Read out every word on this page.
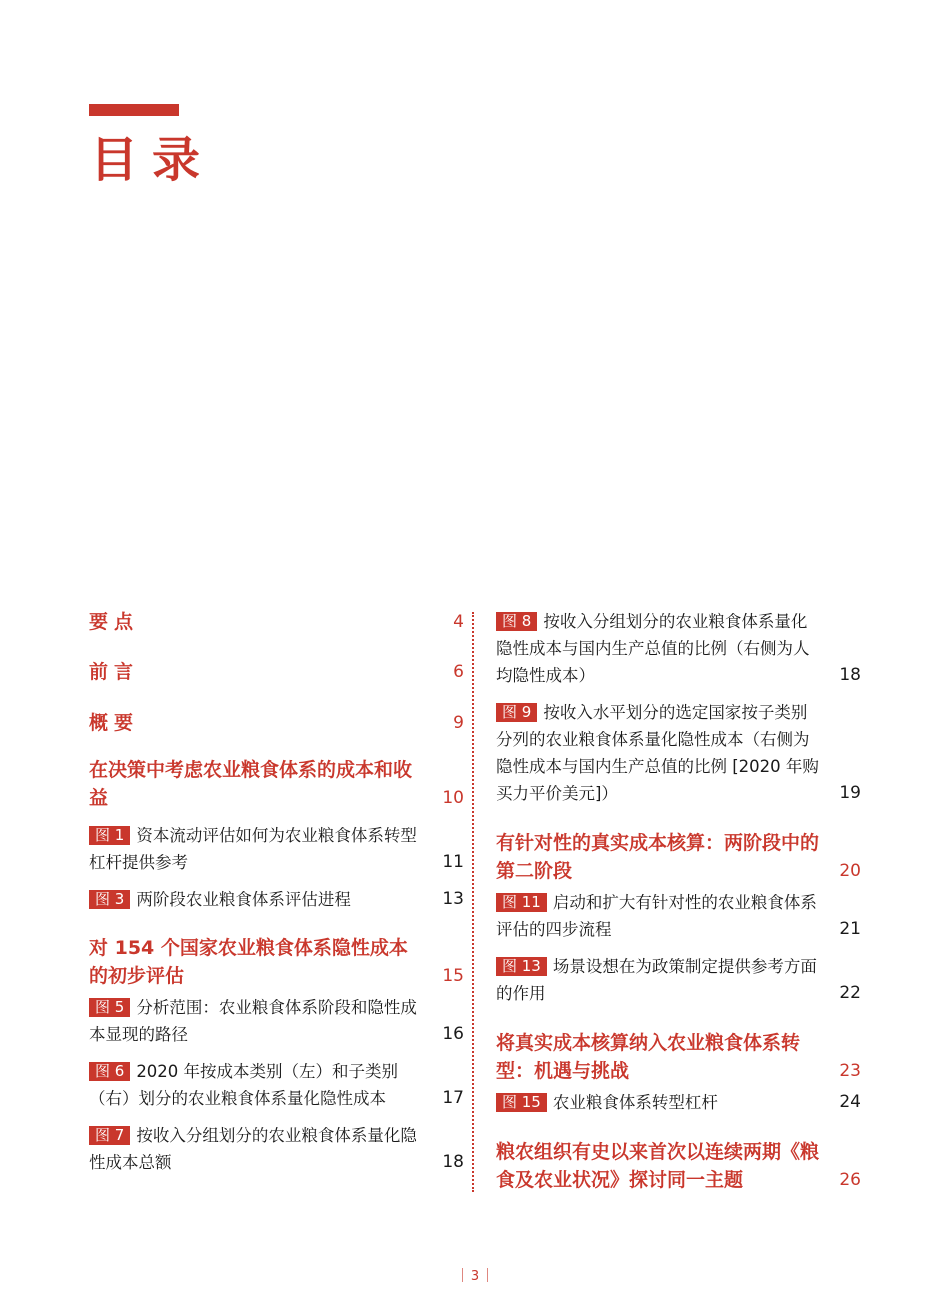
目录
要点	4
前言	6
概要	9
在决策中考虑农业粮食体系的成本和收益	10
图 1 资本流动评估如何为农业粮食体系转型杠杆提供参考	11
图 3 两阶段农业粮食体系评估进程	13
对 154 个国家农业粮食体系隐性成本的初步评估	15
图 5 分析范围：农业粮食体系阶段和隐性成本显现的路径	16
图 6 2020 年按成本类别（左）和子类别（右）划分的农业粮食体系量化隐性成本	17
图 7 按收入分组划分的农业粮食体系量化隐性成本总额	18
图 8 按收入分组划分的农业粮食体系量化隐性成本与国内生产总值的比例（右侧为人均隐性成本）	18
图 9 按收入水平划分的选定国家按子类别分列的农业粮食体系量化隐性成本（右侧为隐性成本与国内生产总值的比例 [2020 年购买力平价美元]）	19
有针对性的真实成本核算：两阶段中的第二阶段	20
图 11 启动和扩大有针对性的农业粮食体系评估的四步流程	21
图 13 场景设想在为政策制定提供参考方面的作用	22
将真实成本核算纳入农业粮食体系转型：机遇与挑战	23
图 15 农业粮食体系转型杠杆	24
粮农组织有史以来首次以连续两期《粮食及农业状况》探讨同一主题	26
3
